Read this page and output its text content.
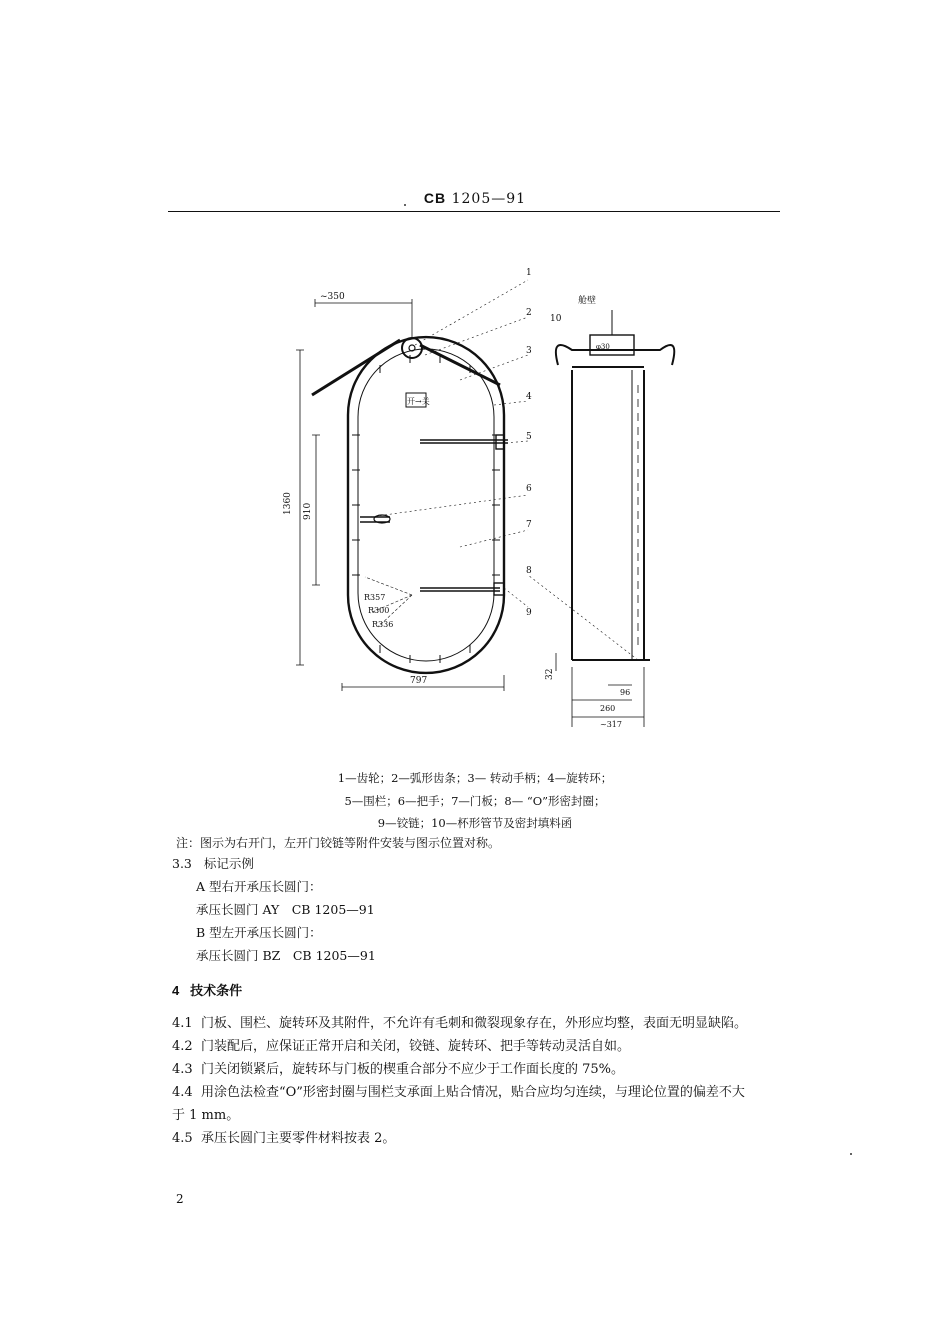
CB 1205—91
~350
1360 910
797
开→关
R357
R300
R336
舱壁
φ30
32
96
260
~317
1
2
3
4
5
6
7
8
9
10
1—齿轮；2—弧形齿条；3— 转动手柄；4—旋转环；
5—围栏；6—把手；7—门板；8— “O”形密封圈；
9—铰链；10—杯形管节及密封填料函
注：图示为右开门，左开门铰链等附件安装与图示位置对称。
3.3 标记示例
A 型右开承压长圆门：
承压长圆门 AY　CB 1205—91
B 型左开承压长圆门：
承压长圆门 BZ　CB 1205—91
4 技术条件
4.1 门板、围栏、旋转环及其附件，不允许有毛刺和微裂现象存在，外形应均整，表面无明显缺陷。
4.2 门装配后，应保证正常开启和关闭，铰链、旋转环、把手等转动灵活自如。
4.3 门关闭锁紧后，旋转环与门板的楔重合部分不应少于工作面长度的 75%。
4.4 用涂色法检查“O”形密封圈与围栏支承面上贴合情况，贴合应均匀连续，与理论位置的偏差不大
于 1 mm。
4.5 承压长圆门主要零件材料按表 2。
2
